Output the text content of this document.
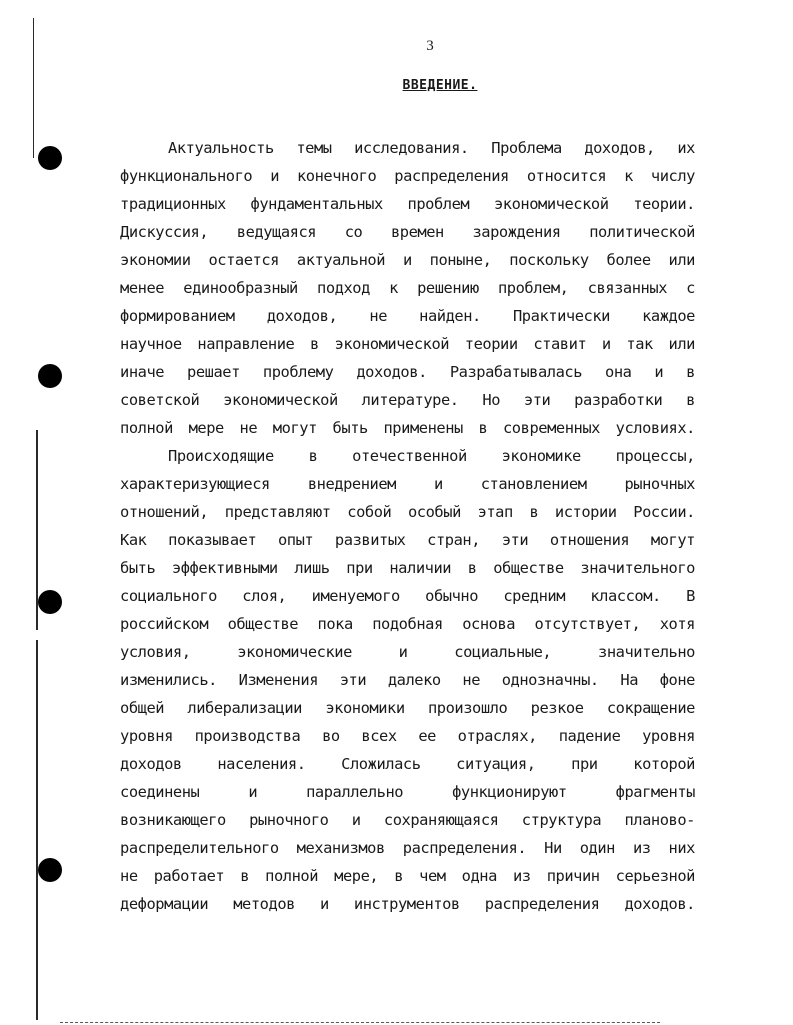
3
ВВЕДЕНИЕ.
Актуальность темы исследования. Проблема доходов, их
функционального и конечного распределения относится к числу
традиционных фундаментальных проблем экономической теории.
Дискуссия, ведущаяся со времен зарождения политической
экономии остается актуальной и поныне, поскольку более или
менее единообразный подход к решению проблем, связанных с
формированием доходов, не найден. Практически каждое
научное направление в экономической теории ставит и так или
иначе решает проблему доходов. Разрабатывалась она и в
советской экономической литературе. Но эти разработки в
полной мере не могут быть применены в современных условиях.
Происходящие в отечественной экономике процессы,
характеризующиеся внедрением и становлением рыночных
отношений, представляют собой особый этап в истории России.
Как показывает опыт развитых стран, эти отношения могут
быть эффективными лишь при наличии в обществе значительного
социального слоя, именуемого обычно средним классом. В
российском обществе пока подобная основа отсутствует, хотя
условия, экономические и социальные, значительно
изменились. Изменения эти далеко не однозначны. На фоне
общей либерализации экономики произошло резкое сокращение
уровня производства во всех ее отраслях, падение уровня
доходов населения. Сложилась ситуация, при которой
соединены и параллельно функционируют фрагменты
возникающего рыночного и сохраняющаяся структура планово-
распределительного механизмов распределения. Ни один из них
не работает в полной мере, в чем одна из причин серьезной
деформации методов и инструментов распределения доходов.
